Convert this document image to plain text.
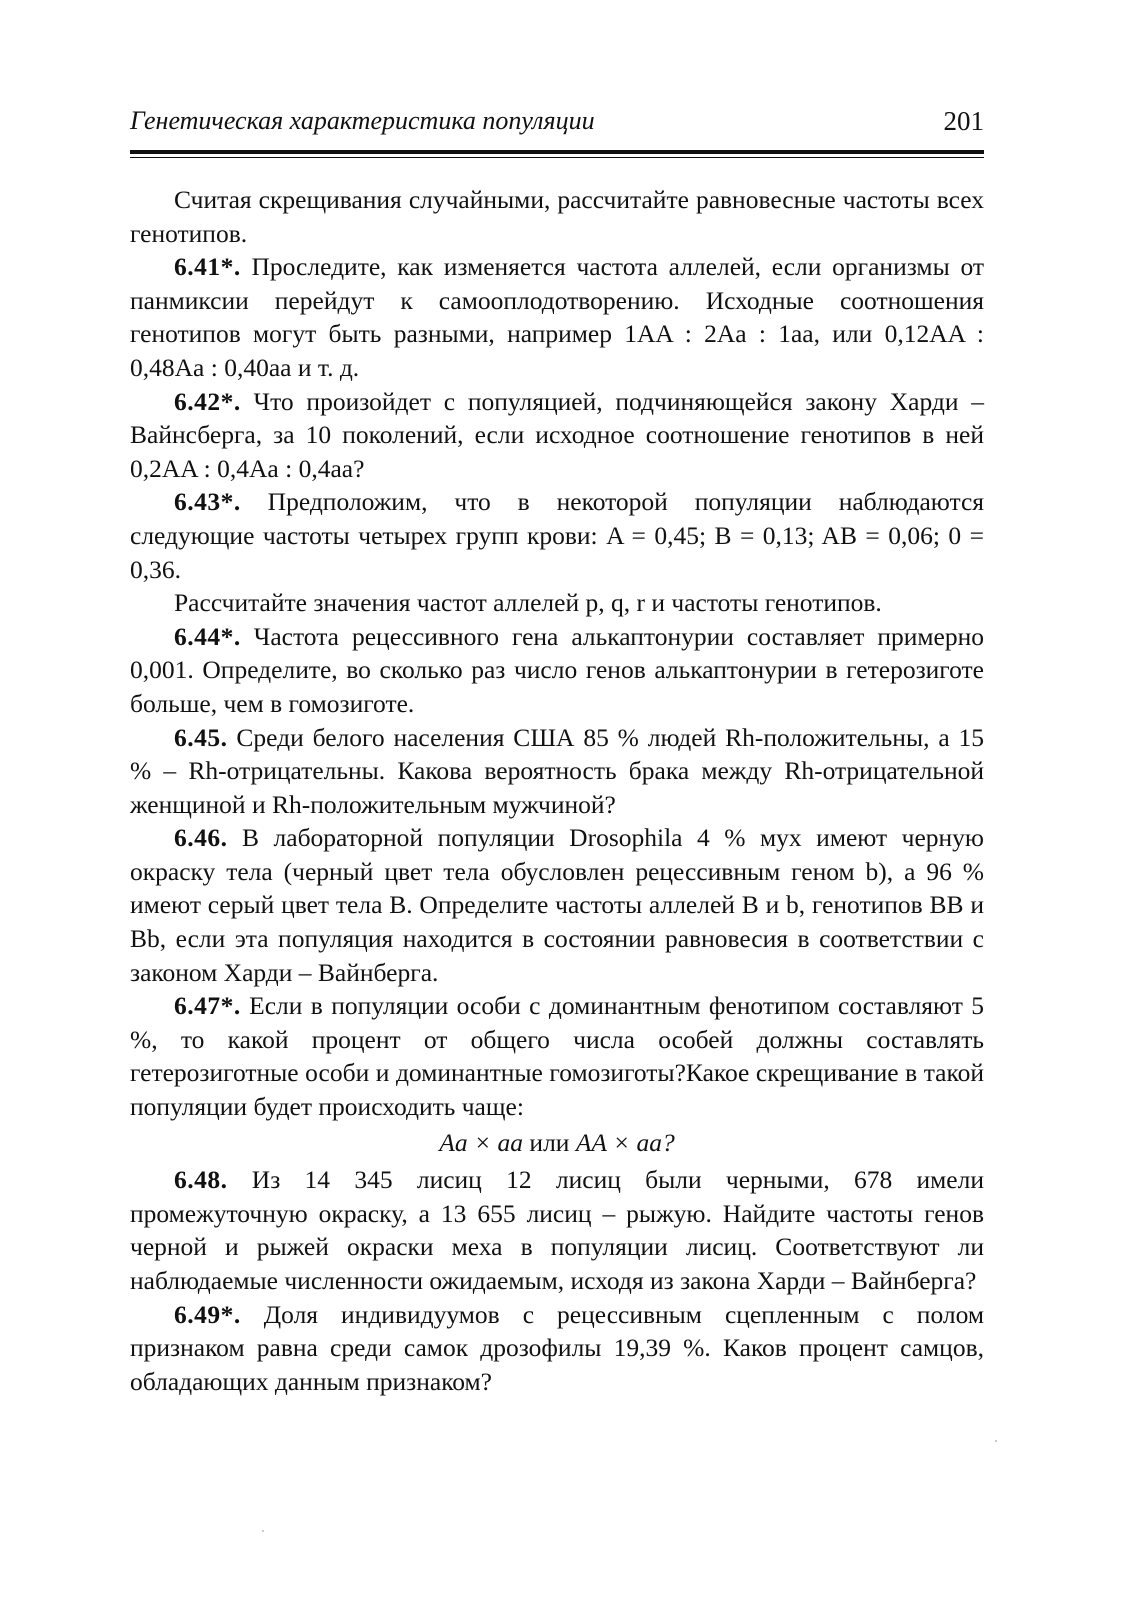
Генетическая характеристика популяции	201

Считая скрещивания случайными, рассчитайте равновесные частоты всех генотипов.

6.41*. Проследите, как изменяется частота аллелей, если организмы от панмиксии перейдут к самооплодотворению. Исходные соотношения генотипов могут быть разными, например 1AA : 2Aa : 1aa, или 0,12AA : 0,48Aa : 0,40aa и т. д.

6.42*. Что произойдет с популяцией, подчиняющейся закону Харди – Вайнсберга, за 10 поколений, если исходное соотношение генотипов в ней 0,2AA : 0,4Aa : 0,4aa?

6.43*. Предположим, что в некоторой популяции наблюдаются следующие частоты четырех групп крови: A = 0,45; B = 0,13; AB = 0,06; 0 = 0,36.

Рассчитайте значения частот аллелей p, q, r и частоты генотипов.

6.44*. Частота рецессивного гена алькаптонурии составляет примерно 0,001. Определите, во сколько раз число генов алькаптонурии в гетерозиготе больше, чем в гомозиготе.

6.45. Среди белого населения США 85 % людей Rh-положительны, а 15 % – Rh-отрицательны. Какова вероятность брака между Rh-отрицательной женщиной и Rh-положительным мужчиной?

6.46. В лабораторной популяции Drosophila 4 % мух имеют черную окраску тела (черный цвет тела обусловлен рецессивным геном b), а 96 % имеют серый цвет тела B. Определите частоты аллелей B и b, генотипов BB и Bb, если эта популяция находится в состоянии равновесия в соответствии с законом Харди – Вайнберга.

6.47*. Если в популяции особи с доминантным фенотипом составляют 5 %, то какой процент от общего числа особей должны составлять гетерозиготные особи и доминантные гомозиготы?Какое скрещивание в такой популяции будет происходить чаще:

Aa × aa или AA × aa?

6.48. Из 14 345 лисиц 12 лисиц были черными, 678 имели промежуточную окраску, а 13 655 лисиц – рыжую. Найдите частоты генов черной и рыжей окраски меха в популяции лисиц. Соответствуют ли наблюдаемые численности ожидаемым, исходя из закона Харди – Вайнберга?

6.49*. Доля индивидуумов с рецессивным сцепленным с полом признаком равна среди самок дрозофилы 19,39 %. Каков процент самцов, обладающих данным признаком?
